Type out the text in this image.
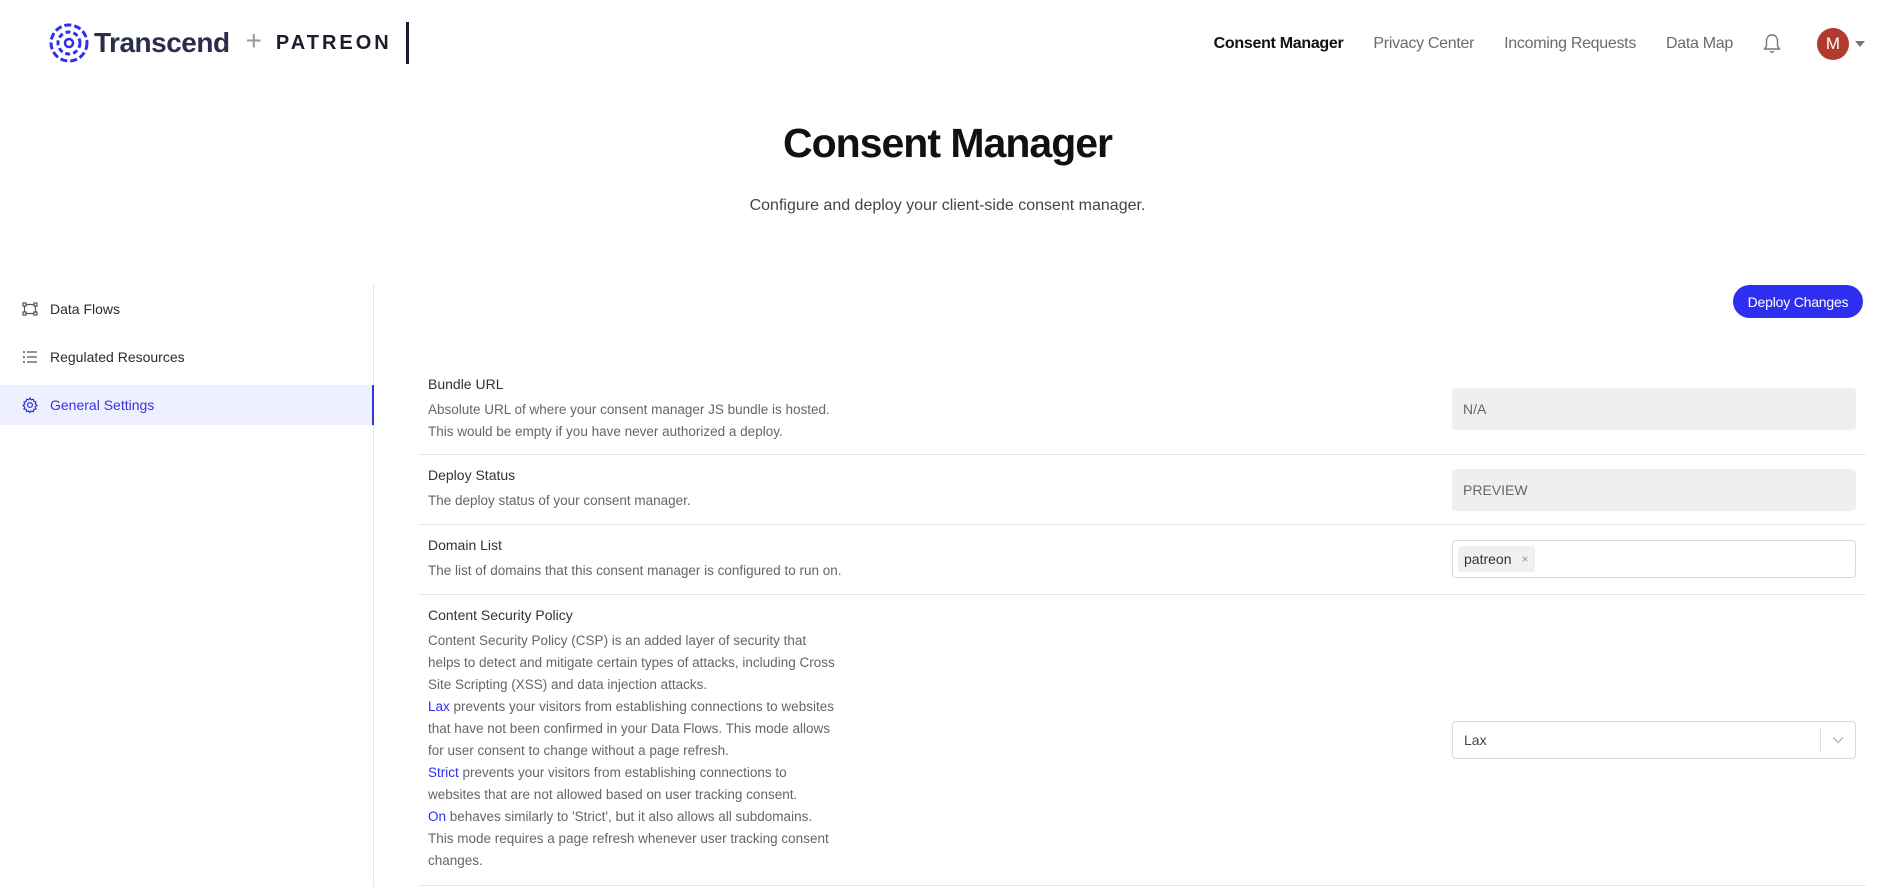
Transcend + PATREON	Consent Manager Privacy Center Incoming Requests Data Map	M
Consent Manager
Configure and deploy your client-side consent manager.
Data Flows
Regulated Resources
General Settings
Deploy Changes
Bundle URL
Absolute URL of where your consent manager JS bundle is hosted.
This would be empty if you have never authorized a deploy.
N/A
Deploy Status
The deploy status of your consent manager.
PREVIEW
Domain List
The list of domains that this consent manager is configured to run on.
patreon ×
Content Security Policy
Content Security Policy (CSP) is an added layer of security that helps to detect and mitigate certain types of attacks, including Cross Site Scripting (XSS) and data injection attacks.
Lax prevents your visitors from establishing connections to websites that have not been confirmed in your Data Flows. This mode allows for user consent to change without a page refresh.
Strict prevents your visitors from establishing connections to websites that are not allowed based on user tracking consent.
On behaves similarly to 'Strict', but it also allows all subdomains. This mode requires a page refresh whenever user tracking consent changes.
Lax
